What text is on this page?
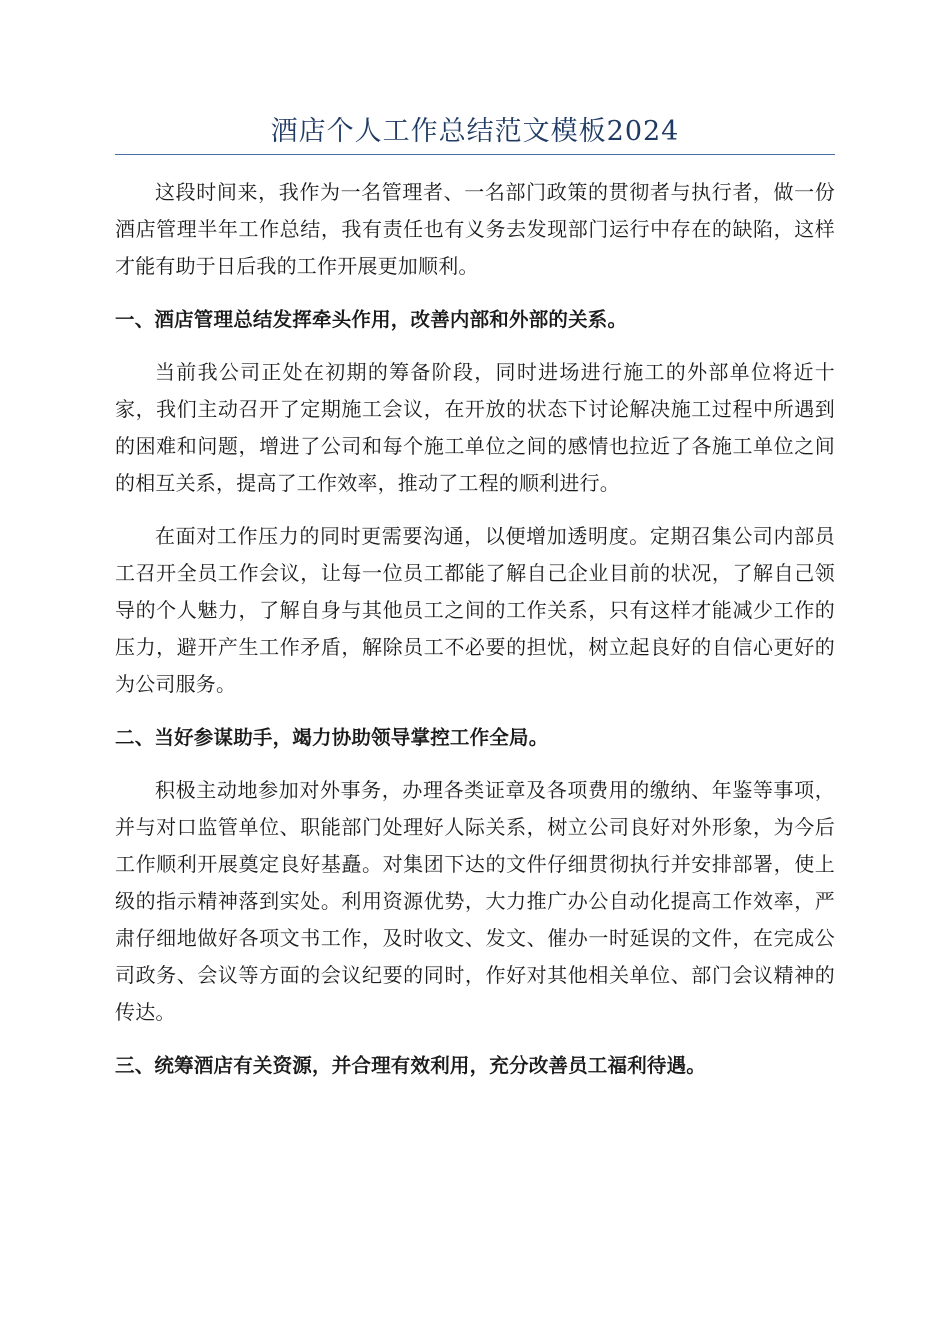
酒店个人工作总结范文模板2024

这段时间来，我作为一名管理者、一名部门政策的贯彻者与执行者，做一份酒店管理半年工作总结，我有责任也有义务去发现部门运行中存在的缺陷，这样才能有助于日后我的工作开展更加顺利。

一、酒店管理总结发挥牵头作用，改善内部和外部的关系。

当前我公司正处在初期的筹备阶段，同时进场进行施工的外部单位将近十家，我们主动召开了定期施工会议，在开放的状态下讨论解决施工过程中所遇到的困难和问题，增进了公司和每个施工单位之间的感情也拉近了各施工单位之间的相互关系，提高了工作效率，推动了工程的顺利进行。

在面对工作压力的同时更需要沟通，以便增加透明度。定期召集公司内部员工召开全员工作会议，让每一位员工都能了解自己企业目前的状况，了解自己领导的个人魅力，了解自身与其他员工之间的工作关系，只有这样才能减少工作的压力，避开产生工作矛盾，解除员工不必要的担忧，树立起良好的自信心更好的为公司服务。

二、当好参谋助手，竭力协助领导掌控工作全局。

积极主动地参加对外事务，办理各类证章及各项费用的缴纳、年鉴等事项，并与对口监管单位、职能部门处理好人际关系，树立公司良好对外形象，为今后工作顺利开展奠定良好基矗。对集团下达的文件仔细贯彻执行并安排部署，使上级的指示精神落到实处。利用资源优势，大力推广办公自动化提高工作效率，严肃仔细地做好各项文书工作，及时收文、发文、催办一时延误的文件，在完成公司政务、会议等方面的会议纪要的同时，作好对其他相关单位、部门会议精神的传达。

三、统筹酒店有关资源，并合理有效利用，充分改善员工福利待遇。
